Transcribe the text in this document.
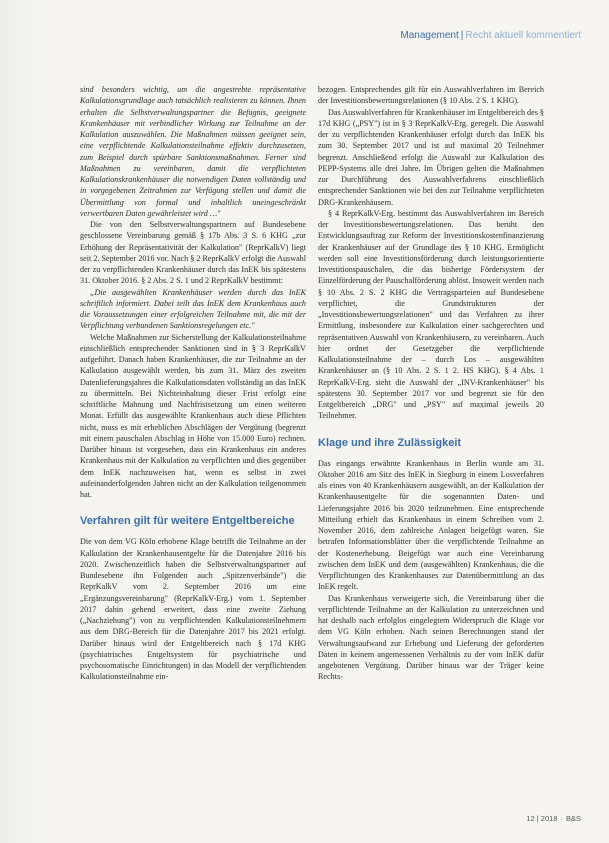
Management | Recht aktuell kommentiert

sind besonders wichtig, um die angestrebte repräsentative Kalkulationsgrundlage auch tatsächlich realisieren zu können. Ihnen erhalten die Selbstverwaltungspartner die Befugnis, geeignete Krankenhäuser mit verbindlicher Wirkung zur Teilnahme an der Kalkulation auszuwählen. Die Maßnahmen müssen geeignet sein, eine verpflichtende Kalkulationsteilnahme effektiv durchzusetzen, zum Beispiel durch spürbare Sanktionsmaßnahmen. Ferner sind Maßnahmen zu vereinbaren, damit die verpflichteten Kalkulationskrankenhäuser die notwendigen Daten vollständig und in vorgegebenen Zeitrahmen zur Verfügung stellen und damit die Übermittlung von formal und inhaltlich uneingeschränkt verwertbaren Daten gewährleistet wird …"

Die von den Selbstverwaltungspartnern auf Bundesebene geschlossene Vereinbarung gemäß § 17b Abs. 3 S. 6 KHG „zur Erhöhung der Repräsentativität der Kalkulation" (ReprKalkV) liegt seit 2. September 2016 vor. Nach § 2 ReprKalkV erfolgt die Auswahl der zu verpflichtenden Krankenhäuser durch das InEK bis spätestens 31. Oktober 2016. § 2 Abs. 2 S. 1 und 2 ReprKalkV bestimmt:

„Die ausgewählten Krankenhäuser werden durch das InEK schriftlich informiert. Dabei teilt das InEK dem Krankenhaus auch die Voraussetzungen einer erfolgreichen Teilnahme mit, die mit der Verpflichtung verbundenen Sanktionsregelungen etc."

Welche Maßnahmen zur Sicherstellung der Kalkulationsteilnahme einschließlich entsprechender Sanktionen sind in § 3 ReprKalkV aufgeführt. Danach haben Krankenhäuser, die zur Teilnahme an der Kalkulation ausgewählt werden, bis zum 31. März des zweiten Datenlieferungsjahres die Kalkulationsdaten vollständig an das InEK zu übermitteln. Bei Nichteinhaltung dieser Frist erfolgt eine schriftliche Mahnung und Nachfristsetzung um einen weiteren Monat. Erfüllt das ausgewählte Krankenhaus auch diese Pflichten nicht, muss es mit erheblichen Abschlägen der Vergütung (begrenzt mit einem pauschalen Abschlag in Höhe von 15.000 Euro) rechnen. Darüber hinaus ist vorgesehen, dass ein Krankenhaus ein anderes Krankenhaus mit der Kalkulation zu verpflichten und dies gegenüber dem InEK nachzuweisen hat, wenn es selbst in zwei aufeinanderfolgenden Jahren nicht an der Kalkulation teilgenommen hat.

Verfahren gilt für weitere Entgeltbereiche

Die von dem VG Köln erhobene Klage betrifft die Teilnahme an der Kalkulation der Krankenhausentgelte für die Datenjahre 2016 bis 2020. Zwischenzeitlich haben die Selbstverwaltungspartner auf Bundesebene ihn Folgenden auch „Spitzenverbände") die ReprKalkV vom 2. September 2016 um eine „Ergänzungsvereinbarung" (ReprKalkV-Erg.) vom 1. September 2017 dahin gehend erweitert, dass eine zweite Ziehung („Nachziehung") von zu verpflichtenden Kalkulationsteilnehmern aus dem DRG-Bereich für die Datenjahre 2017 bis 2021 erfolgt. Darüber hinaus wird der Entgeltbereich nach § 17d KHG (psychiatrisches Entgeltsystem für psychiatrische und psychosomatische Einrichtungen) in das Modell der verpflichtenden Kalkulationsteilnahme ein-

bezogen. Entsprechendes gilt für ein Auswahlverfahren im Bereich der Investitionsbewertungsrelationen (§ 10 Abs. 2 S. 1 KHG).

Das Auswahlverfahren für Krankenhäuser im Entgeltbereich des § 17d KHG („PSY") ist in § 3 ReprKalkV-Erg. geregelt. Die Auswahl der zu verpflichtenden Krankenhäuser erfolgt durch das InEK bis zum 30. September 2017 und ist auf maximal 20 Teilnehmer begrenzt. Anschließend erfolgt die Auswahl zur Kalkulation des PEPP-Systems alle drei Jahre. Im Übrigen gelten die Maßnahmen zur Durchführung des Auswahlverfahrens einschließlich entsprechender Sanktionen wie bei den zur Teilnahme verpflichteten DRG-Krankenhäusern.

§ 4 ReprKalkV-Erg. bestimmt das Auswahlverfahren im Bereich der Investitionsbewertungsrelationen. Das beruht den Entwicklungsauftrag zur Reform der Investitionskostenfinanzierung der Krankenhäuser auf der Grundlage des § 10 KHG. Ermöglicht werden soll eine Investitionsförderung durch leistungsorientierte Investitionspauschalen, die das bisherige Fördersystem der Einzelförderung der Pauschalförderung ablöst. Insoweit werden nach § 10 Abs. 2 S. 2 KHG die Vertragsparteien auf Bundesebene verpflichtet, die Grundstrukturen der „Investitionsbewertungsrelationen" und das Verfahren zu ihrer Ermittlung, insbesondere zur Kalkulation einer sachgerechten und repräsentativen Auswahl von Krankenhäusern, zu vereinbaren. Auch hier ordnet der Gesetzgeber die verpflichtende Kalkulationsteilnahme der – durch Los – ausgewählten Krankenhäuser an (§ 10 Abs. 2 S. 1 2. HS KHG). § 4 Abs. 1 ReprKalkV-Erg. sieht die Auswahl der „INV-Krankenhäuser" bis spätestens 30. September 2017 vor und begrenzt sie für den Entgeltbereich „DRG" und „PSY" auf maximal jeweils 20 Teilnehmer.

Klage und ihre Zulässigkeit

Das eingangs erwähnte Krankenhaus in Berlin wurde am 31. Oktober 2016 am Sitz des InEK in Siegburg in einem Losverfahren als eines von 40 Krankenhäusern ausgewählt, an der Kalkulation der Krankenhausentgelte für die sogenannten Daten- und Lieferungsjahre 2016 bis 2020 teilzunehmen. Eine entsprechende Mitteilung erhielt das Krankenhaus in einem Schreiben vom 2. November 2016, dem zahlreiche Anlagen beigefügt waren. Sie betrafen Informationsblätter über die verpflichtende Teilnahme an der Kostenerhebung. Beigefügt war auch eine Vereinbarung zwischen dem InEK und dem (ausgewählten) Krankenhaus, die die Verpflichtungen des Krankenhauses zur Datenübermittlung an das InEK regelt.

Das Krankenhaus verweigerte sich, die Vereinbarung über die verpflichtende Teilnahme an der Kalkulation zu unterzeichnen und hat deshalb nach erfolglos eingelegtem Widerspruch die Klage vor dem VG Köln erhoben. Nach seinen Berechnungen stand der Verwaltungsaufwand zur Erhebung und Lieferung der geforderten Daten in keinem angemessenen Verhältnis zu der vom InEK dafür angebotenen Vergütung. Darüber hinaus war der Träger keine Rechts-

12 | 2018 · B&S
